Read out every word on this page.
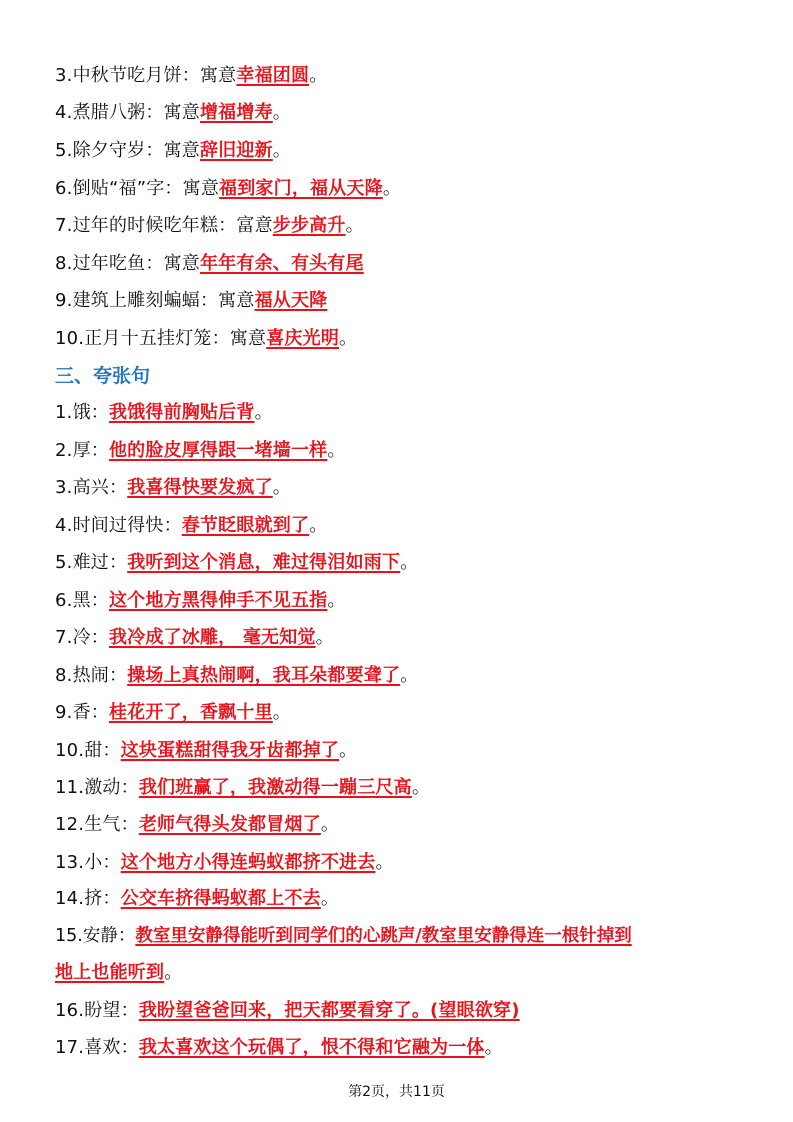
3.中秋节吃月饼：寓意幸福团圆。
4.煮腊八粥：寓意增福增寿。
5.除夕守岁：寓意辞旧迎新。
6.倒贴“福”字：寓意福到家门，福从天降。
7.过年的时候吃年糕：富意步步高升。
8.过年吃鱼：寓意年年有余、有头有尾
9.建筑上雕刻蝙蝠：寓意福从天降
10.正月十五挂灯笼：寓意喜庆光明。
三、夸张句
1.饿：我饿得前胸贴后背。
2.厚：他的脸皮厚得跟一堵墙一样。
3.高兴：我喜得快要发疯了。
4.时间过得快：春节眨眼就到了。
5.难过：我听到这个消息，难过得泪如雨下。
6.黑：这个地方黑得伸手不见五指。
7.冷：我冷成了冰雕， 毫无知觉。
8.热闹：操场上真热闹啊，我耳朵都要聋了。
9.香：桂花开了，香飘十里。
10.甜：这块蛋糕甜得我牙齿都掉了。
11.激动：我们班赢了，我激动得一蹦三尺高。
12.生气：老师气得头发都冒烟了。
13.小：这个地方小得连蚂蚁都挤不进去。
14.挤：公交车挤得蚂蚁都上不去。
15.安静：教室里安静得能听到同学们的心跳声/教室里安静得连一根针掉到
地上也能听到。
16.盼望：我盼望爸爸回来，把天都要看穿了。(望眼欲穿)
17.喜欢：我太喜欢这个玩偶了，恨不得和它融为一体。
第2页，共11页
